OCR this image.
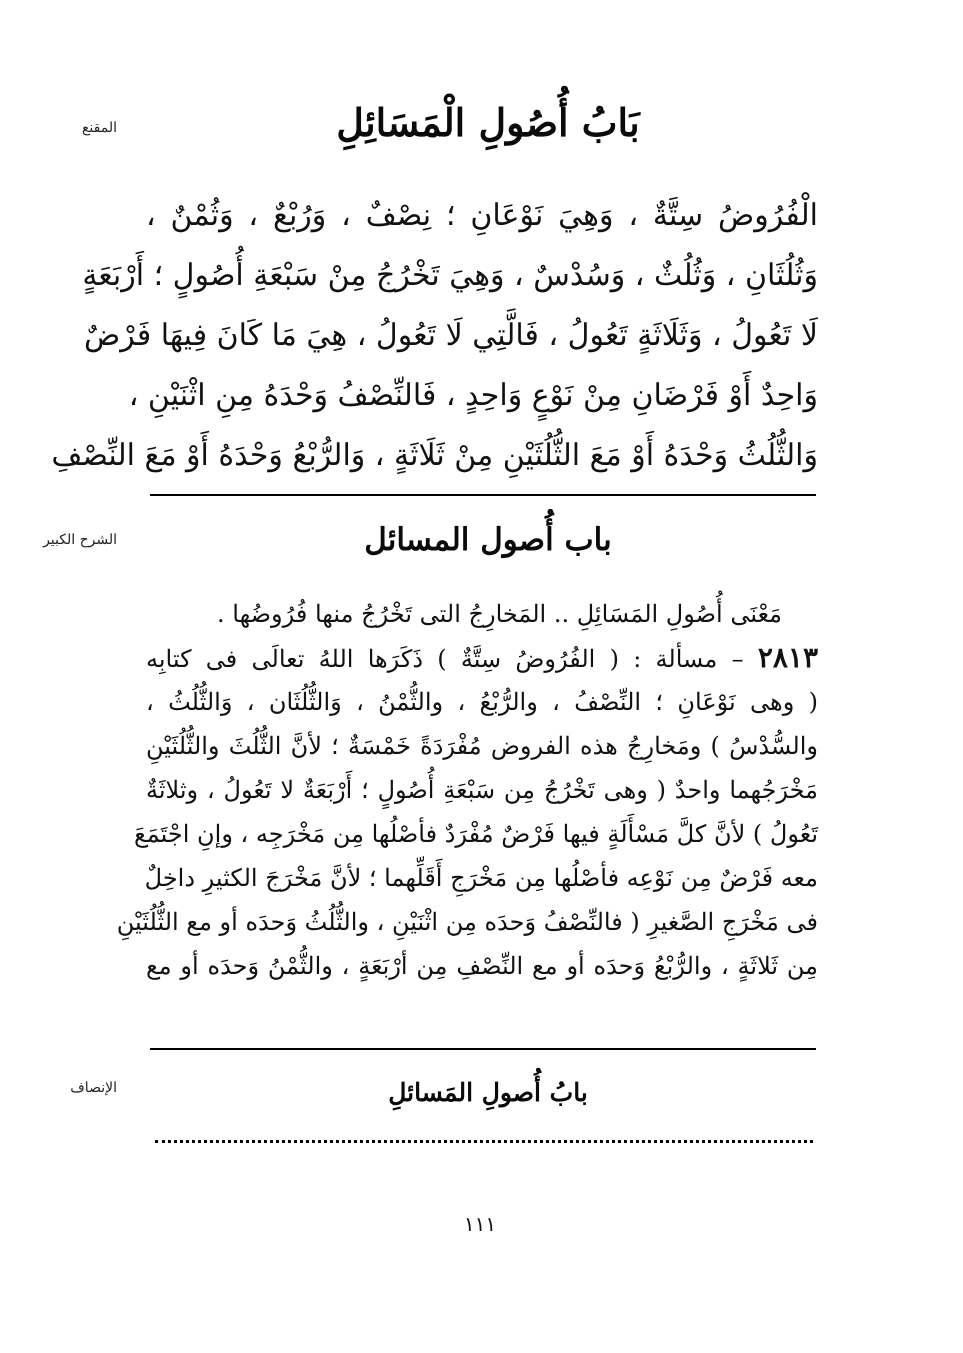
المقنع	بَابُ أُصُولِ الْمَسَائِلِ
الْفُرُوضُ سِتَّةٌ ، وَهِيَ نَوْعَانِ ؛ نِصْفٌ ، وَرُبْعٌ ، وَثُمْنٌ ،
وَثُلُثَانِ ، وَثُلُثٌ ، وَسُدْسٌ ، وَهِيَ تَخْرُجُ مِنْ سَبْعَةِ أُصُولٍ ؛ أَرْبَعَةٍ
لَا تَعُولُ ، وَثَلَاثَةٍ تَعُولُ ، فَالَّتِي لَا تَعُولُ ، هِيَ مَا كَانَ فِيهَا فَرْضٌ
وَاحِدٌ أَوْ فَرْضَانِ مِنْ نَوْعٍ وَاحِدٍ ، فَالنِّصْفُ وَحْدَهُ مِنِ اثْنَيْنِ ،
وَالثُّلُثُ وَحْدَهُ أَوْ مَعَ الثُّلُثَيْنِ مِنْ ثَلَاثَةٍ ، وَالرُّبْعُ وَحْدَهُ أَوْ مَعَ النِّصْفِ
الشرح الكبير	باب أُصول المسائل
مَعْنَى أُصُولِ المَسَائِلِ .. المَخارِجُ التى تَخْرُجُ منها فُرُوضُها .
٢٨١٣ – مسألة : ( الفُرُوضُ سِتَّةٌ ) ذَكَرَها اللهُ تعالَى فى كتابِه
( وهى نَوْعَانِ ؛ النِّصْفُ ، والرُّبْعُ ، والثُّمْنُ ، وَالثُّلُثَان ، وَالثُّلُثُ ،
والسُّدْسُ ) ومَخارِجُ هذه الفروض مُفْرَدَةً خَمْسَةٌ ؛ لأنَّ الثُّلُثَ والثُّلُثَيْنِ
مَخْرَجُهما واحدٌ ( وهى تَخْرُجُ مِن سَبْعَةِ أُصُولٍ ؛ أَرْبَعَةٌ لا تَعُولُ ، وثلاثَةٌ
تَعُولُ ) لأنَّ كلَّ مَسْأَلَةٍ فيها فَرْضٌ مُفْرَدٌ فأصْلُها مِن مَخْرَجِه ، وإنِ اجْتَمَعَ
معه فَرْضٌ مِن نَوْعِه فأصْلُها مِن مَخْرَجِ أَقَلِّهما ؛ لأنَّ مَخْرَجَ الكثيرِ داخِلٌ
فى مَخْرَجِ الصَّغيرِ ( فالنِّصْفُ وَحدَه مِن اثْنَيْنِ ، والثُّلُثُ وَحدَه أو مع الثُّلُثَيْنِ
مِن ثَلاثَةٍ ، والرُّبْعُ وَحدَه أو مع النِّصْفِ مِن أرْبَعَةٍ ، والثُّمْنُ وَحدَه أو مع
الإنصاف	بابُ أُصولِ المَسائلِ
١١١
